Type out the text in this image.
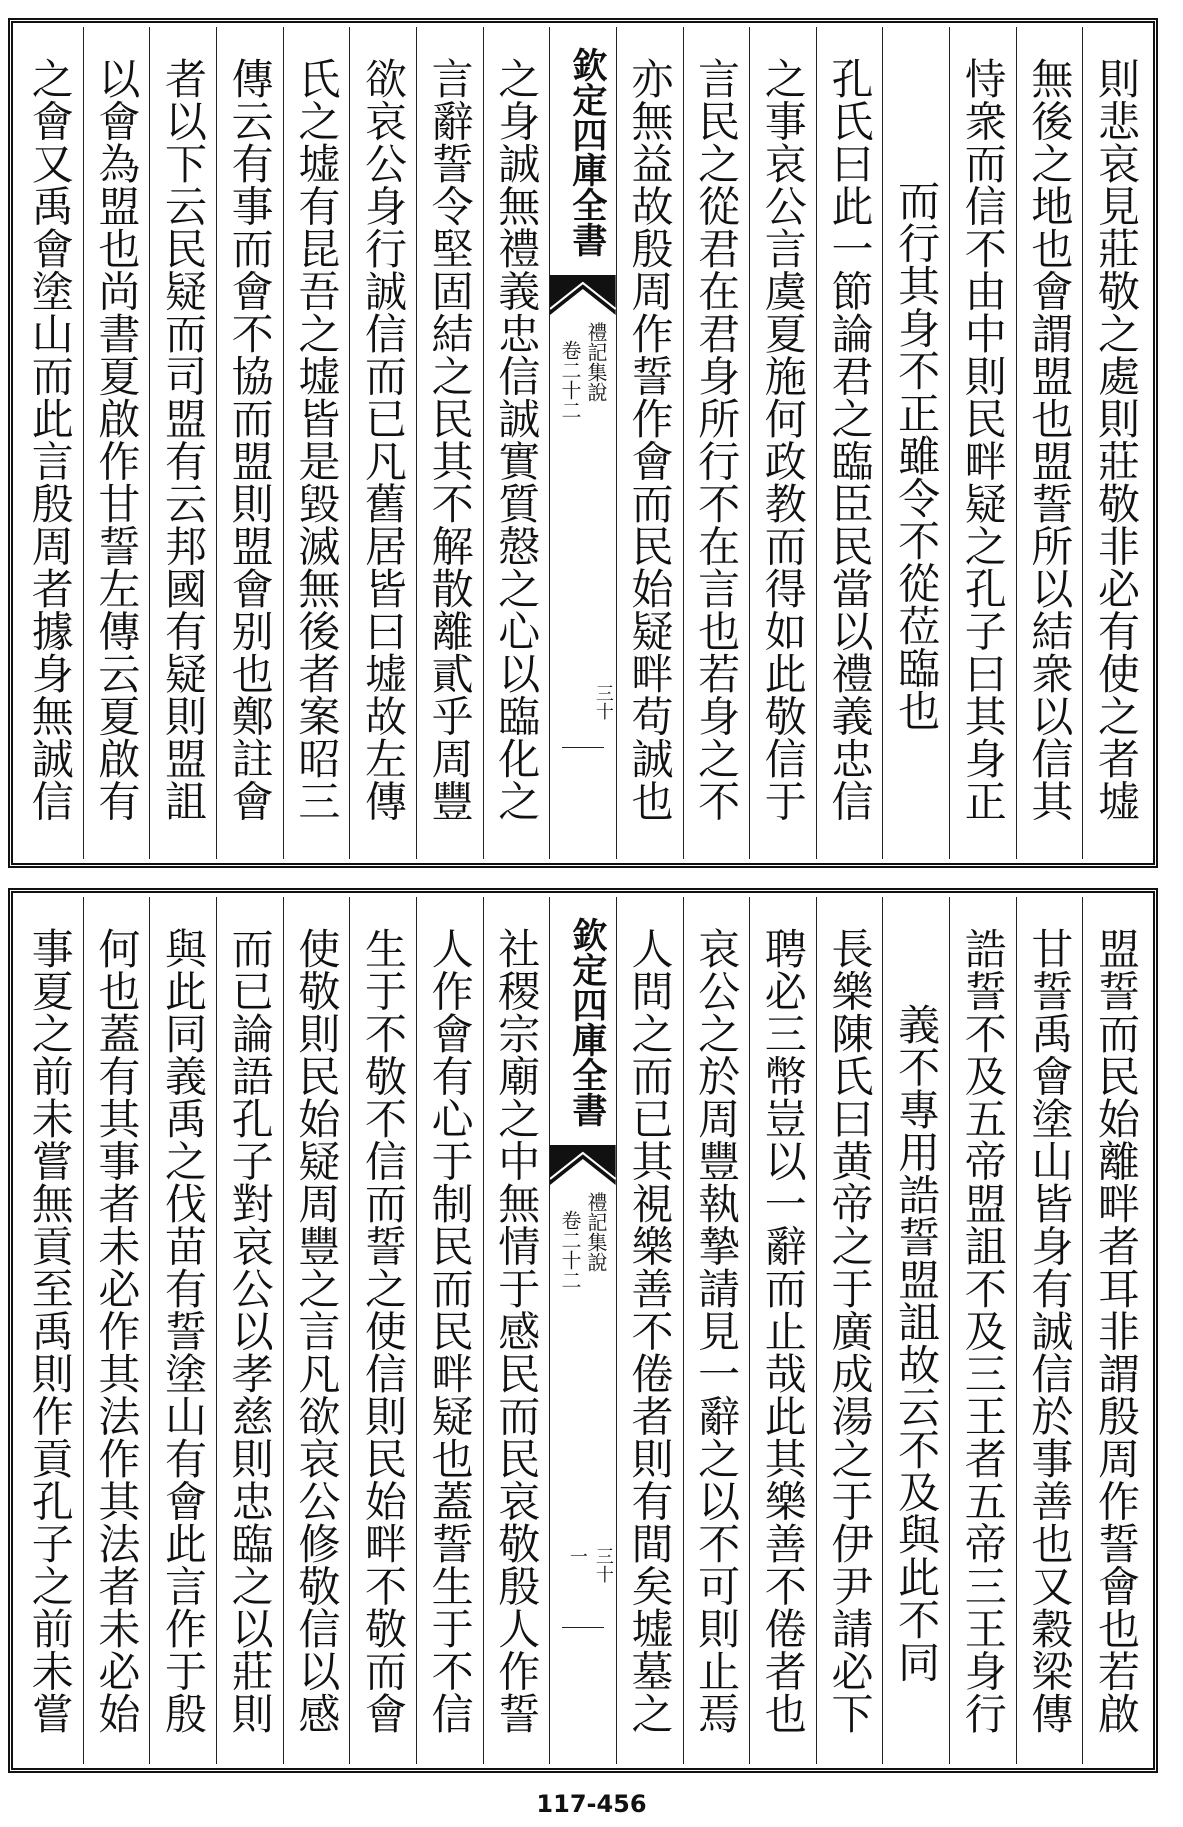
則悲哀見莊敬之處則莊敬非必有使之者墟
無後之地也會謂盟也盟誓所以結衆以信其
恃衆而信不由中則民畔疑之孔子曰其身正
而行其身不正雖令不從莅臨也
孔氏曰此一節論君之臨臣民當以禮義忠信
之事哀公言虞夏施何政教而得如此敬信于
言民之從君在君身所行不在言也若身之不
亦無益故殷周作誓作會而民始疑畔苟誠也
欽定四庫全書
禮記集說
卷二十二
三十
之身誠無禮義忠信誠實質慤之心以臨化之
言辭誓令堅固結之民其不解散離貳乎周豐
欲哀公身行誠信而已凡舊居皆曰墟故左傳
氏之墟有昆吾之墟皆是毀滅無後者案昭三
傳云有事而會不協而盟則盟會别也鄭註會
者以下云民疑而司盟有云邦國有疑則盟詛
以會為盟也尚書夏啟作甘誓左傳云夏啟有
之會又禹會塗山而此言殷周者據身無誠信
盟誓而民始離畔者耳非謂殷周作誓會也若啟
甘誓禹會塗山皆身有誠信於事善也又穀梁傳
誥誓不及五帝盟詛不及三王者五帝三王身行
義不專用誥誓盟詛故云不及與此不同
長樂陳氏曰黄帝之于廣成湯之于伊尹請必下
聘必三幣豈以一辭而止哉此其樂善不倦者也
哀公之於周豐執摯請見一辭之以不可則止焉
人問之而已其視樂善不倦者則有間矣墟墓之
欽定四庫全書
禮記集說
卷二十二
三十一
社稷宗廟之中無情于感民而民哀敬殷人作誓
人作會有心于制民而民畔疑也蓋誓生于不信
生于不敬不信而誓之使信則民始畔不敬而會
使敬則民始疑周豐之言凡欲哀公修敬信以感
而已論語孔子對哀公以孝慈則忠臨之以莊則
與此同義禹之伐苗有誓塗山有會此言作于殷
何也蓋有其事者未必作其法作其法者未必始
事夏之前未嘗無貢至禹則作貢孔子之前未嘗
117-456
